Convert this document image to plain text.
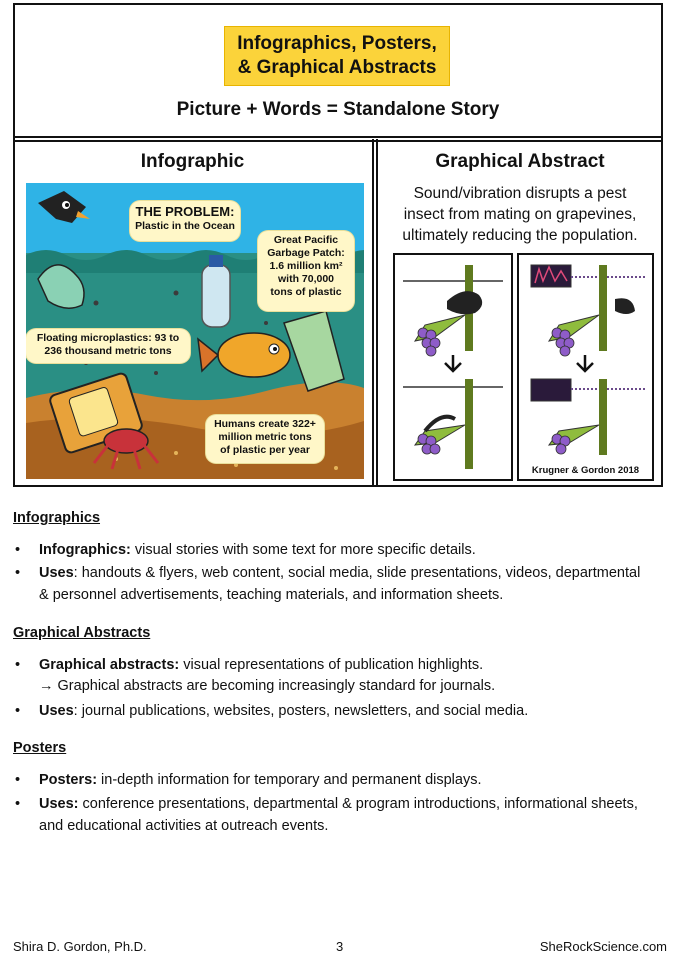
Infographics, Posters,
& Graphical Abstracts
Picture + Words = Standalone Story
Infographic
THE PROBLEM:
Plastic in the Ocean
Great Pacific
Garbage Patch:
1.6 million km²
with 70,000
tons of plastic
Floating microplastics: 93 to
236 thousand metric tons
Humans create 322+
million metric tons
of plastic per year
Graphical Abstract
Sound/vibration disrupts a pest
insect from mating on grapevines,
ultimately reducing the population.
Krugner & Gordon 2018
Infographics
• Infographics: visual stories with some text for more specific details.
• Uses: handouts & flyers, web content, social media, slide presentations, videos, departmental & personnel advertisements, teaching materials, and information sheets.
Graphical Abstracts
• Graphical abstracts: visual representations of publication highlights.
→ Graphical abstracts are becoming increasingly standard for journals.
• Uses: journal publications, websites, posters, newsletters, and social media.
Posters
• Posters: in-depth information for temporary and permanent displays.
• Uses: conference presentations, departmental & program introductions, informational sheets, and educational activities at outreach events.
Shira D. Gordon, Ph.D.	3	SheRockScience.com
